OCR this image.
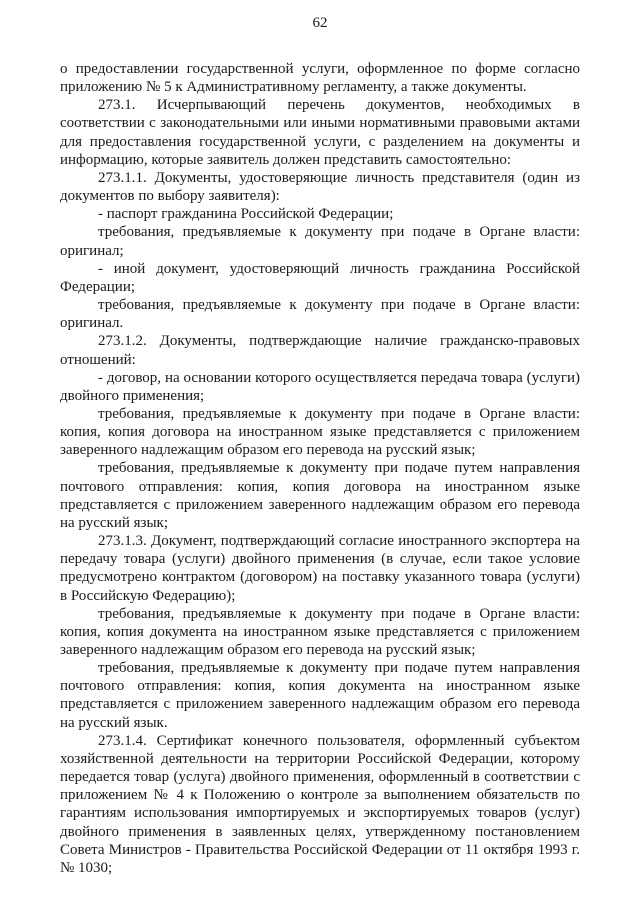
62

о предоставлении государственной услуги, оформленное по форме согласно приложению № 5 к Административному регламенту, а также документы.

273.1. Исчерпывающий перечень документов, необходимых в соответствии с законодательными или иными нормативными правовыми актами для предоставления государственной услуги, с разделением на документы и информацию, которые заявитель должен представить самостоятельно:

273.1.1. Документы, удостоверяющие личность представителя (один из документов по выбору заявителя):

- паспорт гражданина Российской Федерации;

требования, предъявляемые к документу при подаче в Органе власти: оригинал;

- иной документ, удостоверяющий личность гражданина Российской Федерации;

требования, предъявляемые к документу при подаче в Органе власти: оригинал.

273.1.2. Документы, подтверждающие наличие гражданско-правовых отношений:

- договор, на основании которого осуществляется передача товара (услуги) двойного применения;

требования, предъявляемые к документу при подаче в Органе власти: копия, копия договора на иностранном языке представляется с приложением заверенного надлежащим образом его перевода на русский язык;

требования, предъявляемые к документу при подаче путем направления почтового отправления: копия, копия договора на иностранном языке представляется с приложением заверенного надлежащим образом его перевода на русский язык;

273.1.3. Документ, подтверждающий согласие иностранного экспортера на передачу товара (услуги) двойного применения (в случае, если такое условие предусмотрено контрактом (договором) на поставку указанного товара (услуги) в Российскую Федерацию);

требования, предъявляемые к документу при подаче в Органе власти: копия, копия документа на иностранном языке представляется с приложением заверенного надлежащим образом его перевода на русский язык;

требования, предъявляемые к документу при подаче путем направления почтового отправления: копия, копия документа на иностранном языке представляется с приложением заверенного надлежащим образом его перевода на русский язык.

273.1.4. Сертификат конечного пользователя, оформленный субъектом хозяйственной деятельности на территории Российской Федерации, которому передается товар (услуга) двойного применения, оформленный в соответствии с приложением № 4 к Положению о контроле за выполнением обязательств по гарантиям использования импортируемых и экспортируемых товаров (услуг) двойного применения в заявленных целях, утвержденному постановлением Совета Министров - Правительства Российской Федерации от 11 октября 1993 г. № 1030;
